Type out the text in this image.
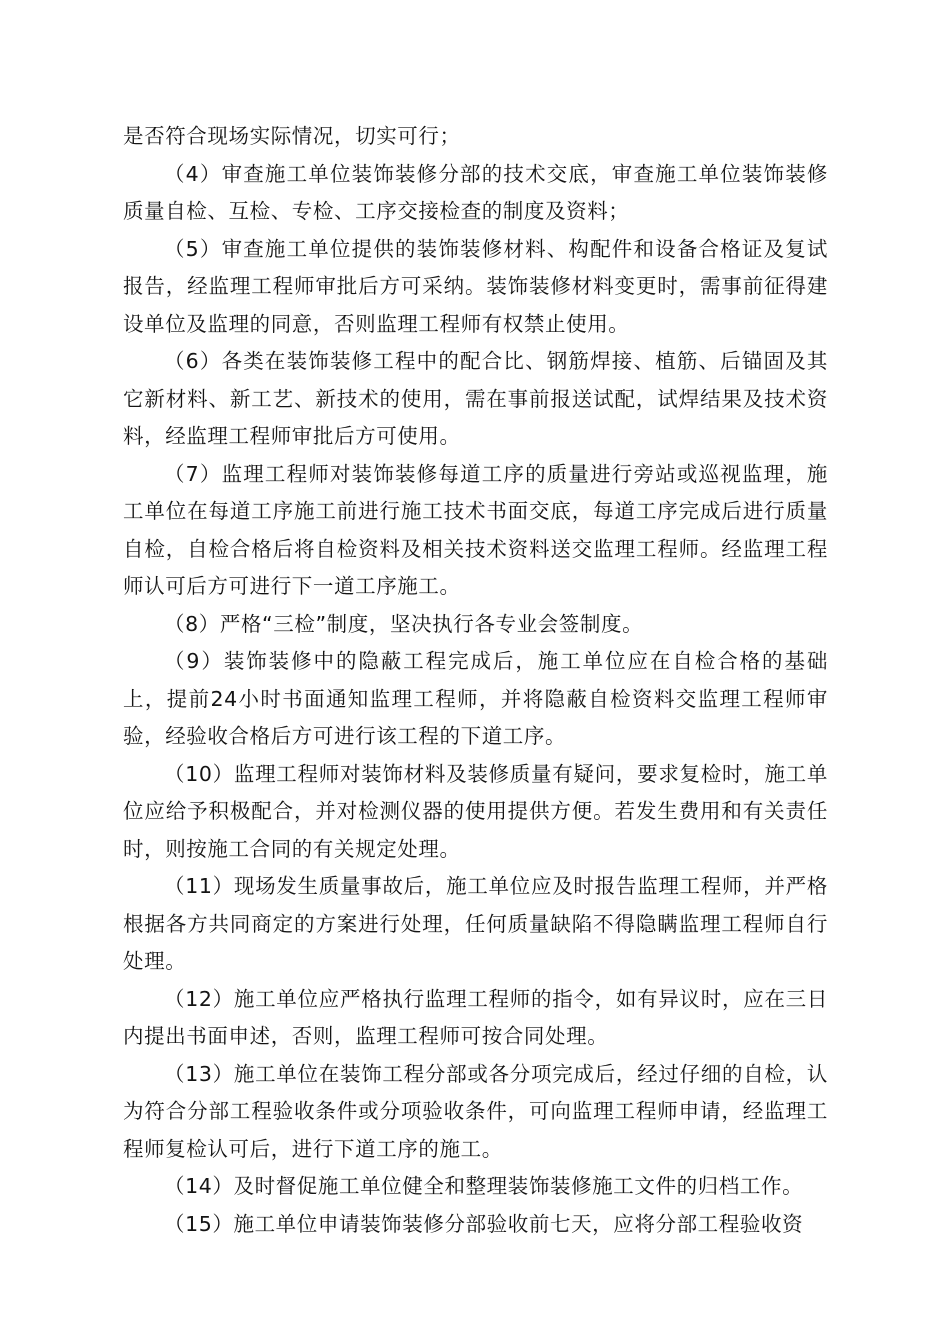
是否符合现场实际情况，切实可行；

（4）审查施工单位装饰装修分部的技术交底，审查施工单位装饰装修质量自检、互检、专检、工序交接检查的制度及资料；

（5）审查施工单位提供的装饰装修材料、构配件和设备合格证及复试报告，经监理工程师审批后方可采纳。装饰装修材料变更时，需事前征得建设单位及监理的同意，否则监理工程师有权禁止使用。

（6）各类在装饰装修工程中的配合比、钢筋焊接、植筋、后锚固及其它新材料、新工艺、新技术的使用，需在事前报送试配，试焊结果及技术资料，经监理工程师审批后方可使用。

（7）监理工程师对装饰装修每道工序的质量进行旁站或巡视监理，施工单位在每道工序施工前进行施工技术书面交底，每道工序完成后进行质量自检，自检合格后将自检资料及相关技术资料送交监理工程师。经监理工程师认可后方可进行下一道工序施工。

（8）严格“三检”制度，坚决执行各专业会签制度。

（9）装饰装修中的隐蔽工程完成后，施工单位应在自检合格的基础上，提前24小时书面通知监理工程师，并将隐蔽自检资料交监理工程师审验，经验收合格后方可进行该工程的下道工序。

（10）监理工程师对装饰材料及装修质量有疑问，要求复检时，施工单位应给予积极配合，并对检测仪器的使用提供方便。若发生费用和有关责任时，则按施工合同的有关规定处理。

（11）现场发生质量事故后，施工单位应及时报告监理工程师，并严格根据各方共同商定的方案进行处理，任何质量缺陷不得隐瞒监理工程师自行处理。

（12）施工单位应严格执行监理工程师的指令，如有异议时，应在三日内提出书面申述，否则，监理工程师可按合同处理。

（13）施工单位在装饰工程分部或各分项完成后，经过仔细的自检，认为符合分部工程验收条件或分项验收条件，可向监理工程师申请，经监理工程师复检认可后，进行下道工序的施工。

（14）及时督促施工单位健全和整理装饰装修施工文件的归档工作。

（15）施工单位申请装饰装修分部验收前七天，应将分部工程验收资
